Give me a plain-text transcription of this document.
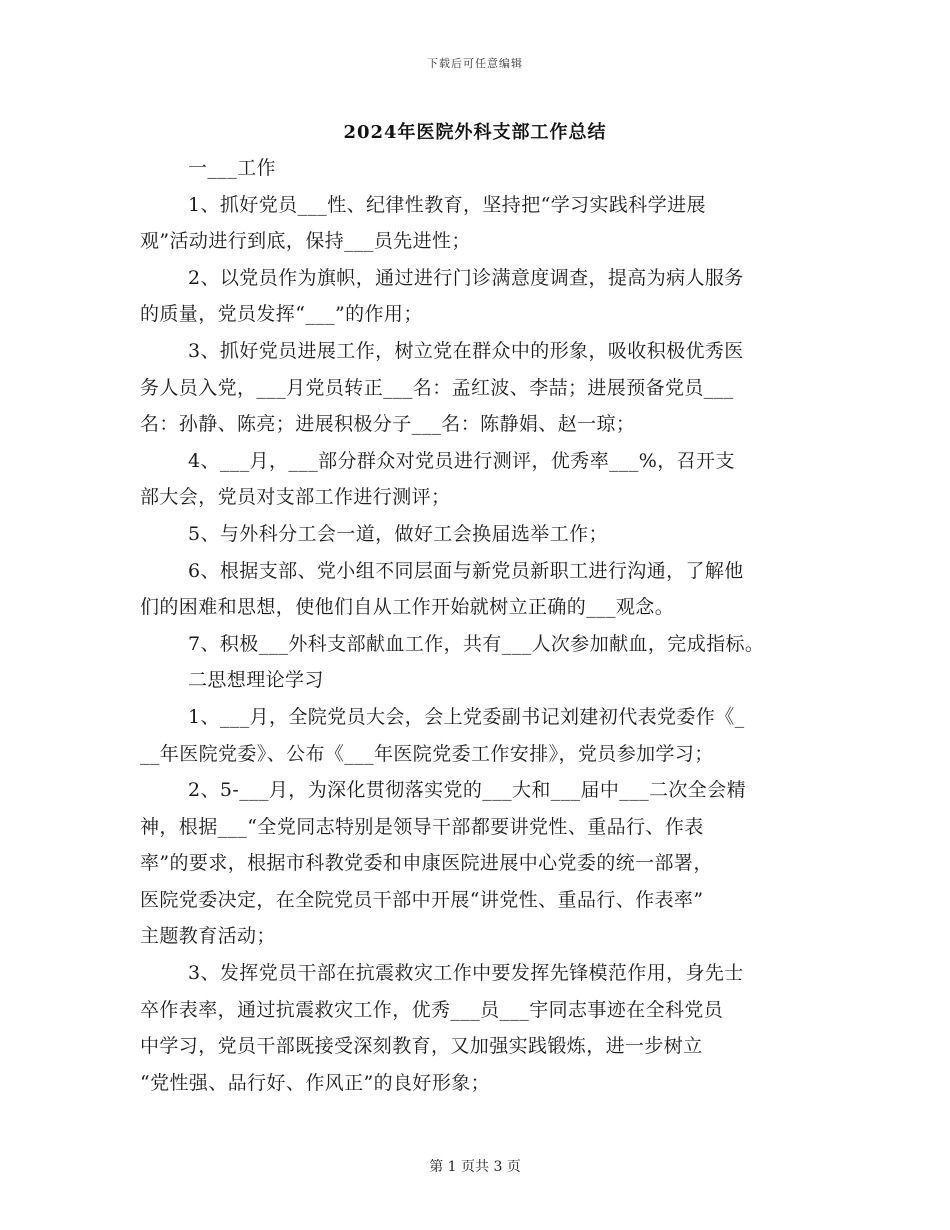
下载后可任意编辑
2024年医院外科支部工作总结
一___工作
1、抓好党员___性、纪律性教育，坚持把“学习实践科学进展
观”活动进行到底，保持___员先进性；
2、以党员作为旗帜，通过进行门诊满意度调查，提高为病人服务
的质量，党员发挥“___”的作用；
3、抓好党员进展工作，树立党在群众中的形象，吸收积极优秀医
务人员入党，___月党员转正___名：孟红波、李喆；进展预备党员___
名：孙静、陈亮；进展积极分子___名：陈静娟、赵一琼；
4、___月，___部分群众对党员进行测评，优秀率___%，召开支
部大会，党员对支部工作进行测评；
5、与外科分工会一道，做好工会换届选举工作；
6、根据支部、党小组不同层面与新党员新职工进行沟通，了解他
们的困难和思想，使他们自从工作开始就树立正确的___观念。
7、积极___外科支部献血工作，共有___人次参加献血，完成指标。
二思想理论学习
1、___月，全院党员大会，会上党委副书记刘建初代表党委作《_
__年医院党委》、公布《___年医院党委工作安排》，党员参加学习；
2、5-___月，为深化贯彻落实党的___大和___届中___二次全会精
神，根据___“全党同志特别是领导干部都要讲党性、重品行、作表
率”的要求，根据市科教党委和申康医院进展中心党委的统一部署，
医院党委决定，在全院党员干部中开展“讲党性、重品行、作表率”
主题教育活动；
3、发挥党员干部在抗震救灾工作中要发挥先锋模范作用，身先士
卒作表率，通过抗震救灾工作，优秀___员___宇同志事迹在全科党员
中学习，党员干部既接受深刻教育，又加强实践锻炼，进一步树立
“党性强、品行好、作风正”的良好形象；
第 1 页共 3 页
